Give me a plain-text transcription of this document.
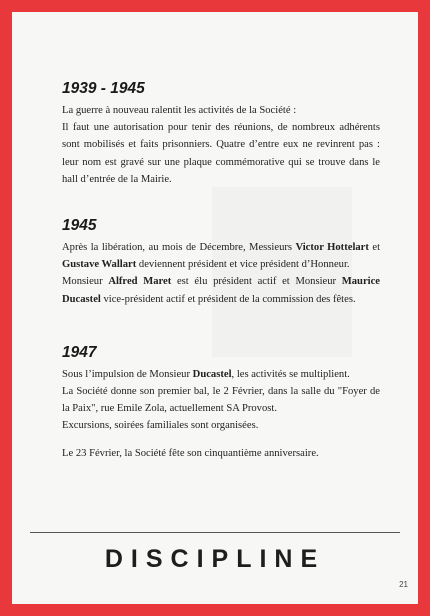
1939 - 1945

La guerre à nouveau ralentit les activités de la Société :

Il faut une autorisation pour tenir des réunions, de nombreux adhérents sont mobilisés et faits prisonniers. Quatre d’entre eux ne revinrent pas : leur nom est gravé sur une plaque commémorative qui se trouve dans le hall d’entrée de la Mairie.

1945

Après la libération, au mois de Décembre, Messieurs Victor Hottelart et Gustave Wallart deviennent président et vice président d’Honneur.

Monsieur Alfred Maret est élu président actif et Monsieur Maurice Ducastel vice-président actif et président de la commission des fêtes.

1947

Sous l’impulsion de Monsieur Ducastel, les activités se multiplient.

La Société donne son premier bal, le 2 Février, dans la salle du "Foyer de la Paix", rue Emile Zola, actuellement SA Provost.

Excursions, soirées familiales sont organisées.

Le 23 Février, la Société fête son cinquantième anniversaire.

DISCIPLINE
21
